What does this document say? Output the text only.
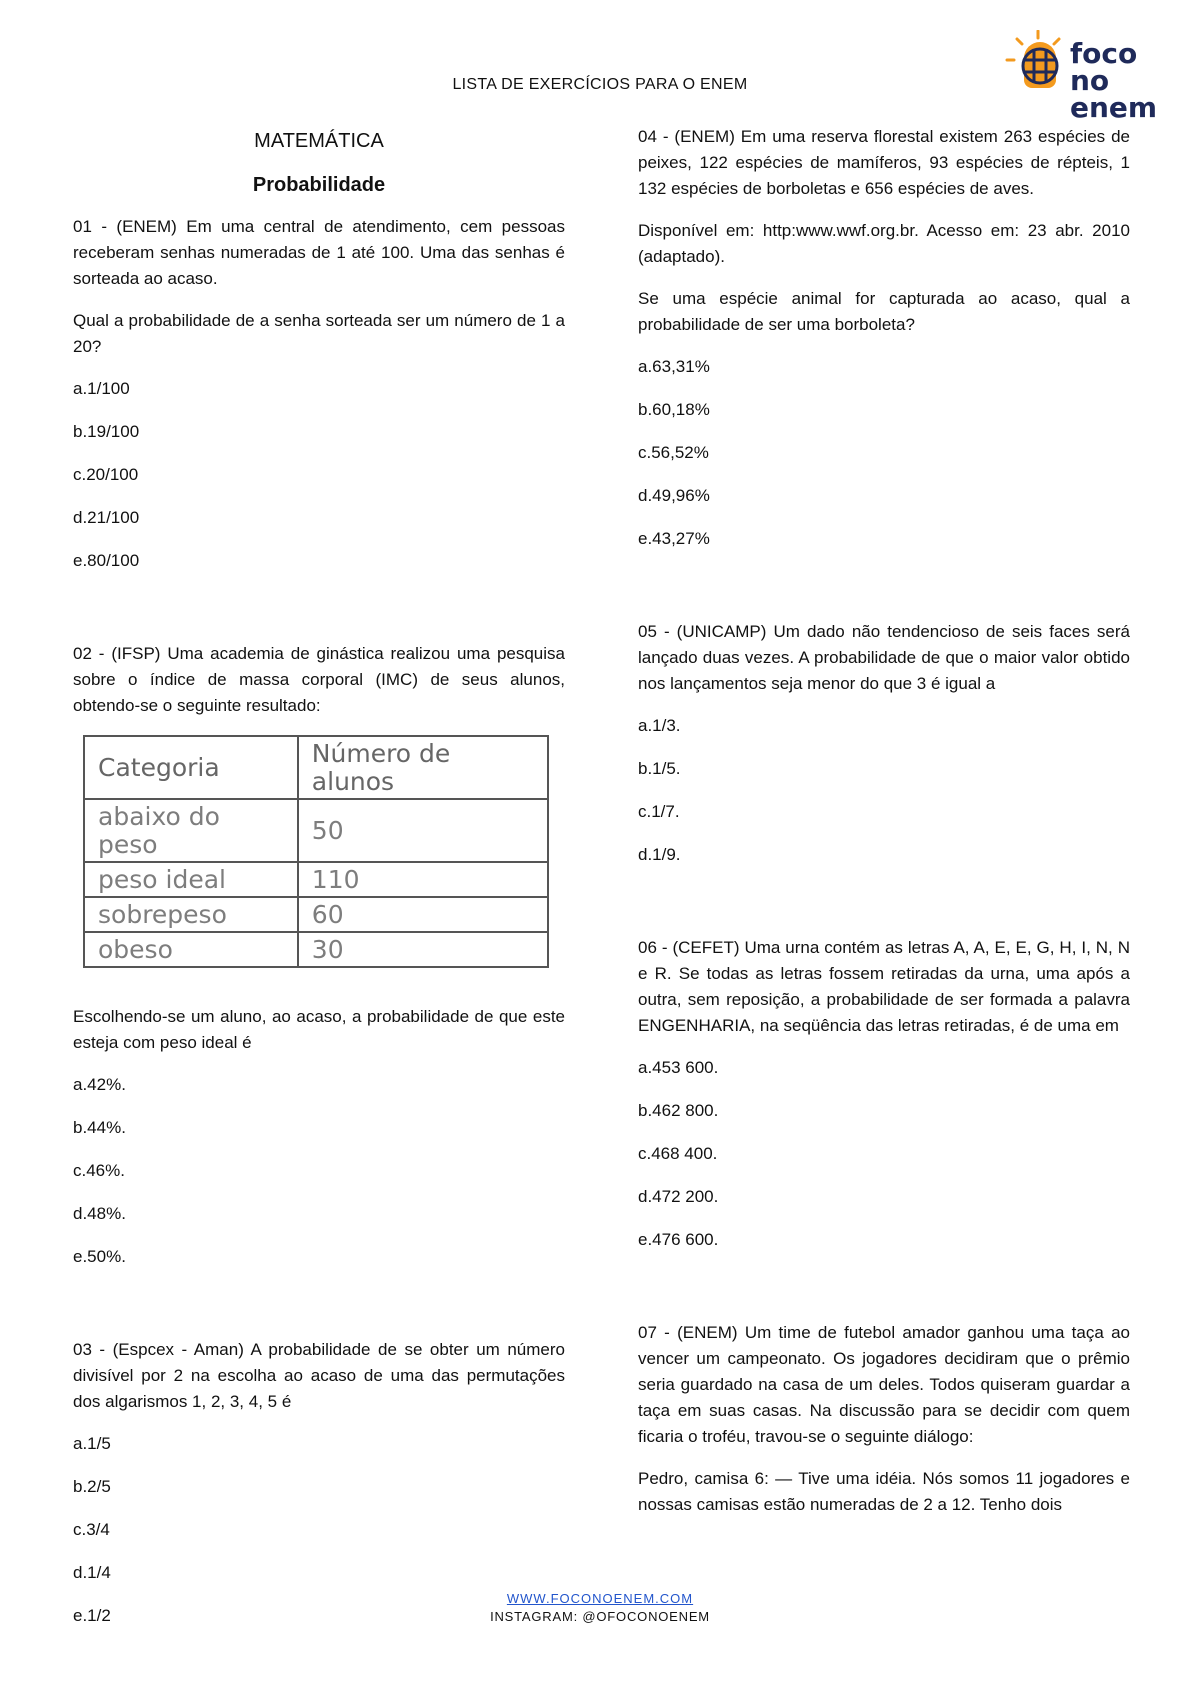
LISTA DE EXERCÍCIOS PARA O ENEM
foco
no enem
MATEMÁTICA
Probabilidade

01 - (ENEM) Em uma central de atendimento, cem pessoas receberam senhas numeradas de 1 até 100. Uma das senhas é sorteada ao acaso.

Qual a probabilidade de a senha sorteada ser um número de 1 a 20?

a.1/100
b.19/100
c.20/100
d.21/100
e.80/100

02 - (IFSP) Uma academia de ginástica realizou uma pesquisa sobre o índice de massa corporal (IMC) de seus alunos, obtendo-se o seguinte resultado:

Categoria	Número de alunos
abaixo do peso	50
peso ideal	110
sobrepeso	60
obeso	30

Escolhendo-se um aluno, ao acaso, a probabilidade de que este esteja com peso ideal é

a.42%.
b.44%.
c.46%.
d.48%.
e.50%.

03 - (Espcex - Aman) A probabilidade de se obter um número divisível por 2 na escolha ao acaso de uma das permutações dos algarismos 1, 2, 3, 4, 5 é

a.1/5
b.2/5
c.3/4
d.1/4
e.1/2

04 - (ENEM) Em uma reserva florestal existem 263 espécies de peixes, 122 espécies de mamíferos, 93 espécies de répteis, 1 132 espécies de borboletas e 656 espécies de aves.

Disponível em: http:www.wwf.org.br. Acesso em: 23 abr. 2010 (adaptado).

Se uma espécie animal for capturada ao acaso, qual a probabilidade de ser uma borboleta?

a.63,31%
b.60,18%
c.56,52%
d.49,96%
e.43,27%

05 - (UNICAMP) Um dado não tendencioso de seis faces será lançado duas vezes. A probabilidade de que o maior valor obtido nos lançamentos seja menor do que 3 é igual a

a.1/3.
b.1/5.
c.1/7.
d.1/9.

06 - (CEFET) Uma urna contém as letras A, A, E, E, G, H, I, N, N e R. Se todas as letras fossem retiradas da urna, uma após a outra, sem reposição, a probabilidade de ser formada a palavra ENGENHARIA, na seqüência das letras retiradas, é de uma em

a.453 600.
b.462 800.
c.468 400.
d.472 200.
e.476 600.

07 - (ENEM) Um time de futebol amador ganhou uma taça ao vencer um campeonato. Os jogadores decidiram que o prêmio seria guardado na casa de um deles. Todos quiseram guardar a taça em suas casas. Na discussão para se decidir com quem ficaria o troféu, travou-se o seguinte diálogo:

Pedro, camisa 6: — Tive uma idéia. Nós somos 11 jogadores e nossas camisas estão numeradas de 2 a 12. Tenho dois

WWW.FOCONOENEM.COM
INSTAGRAM: @OFOCONOENEM
